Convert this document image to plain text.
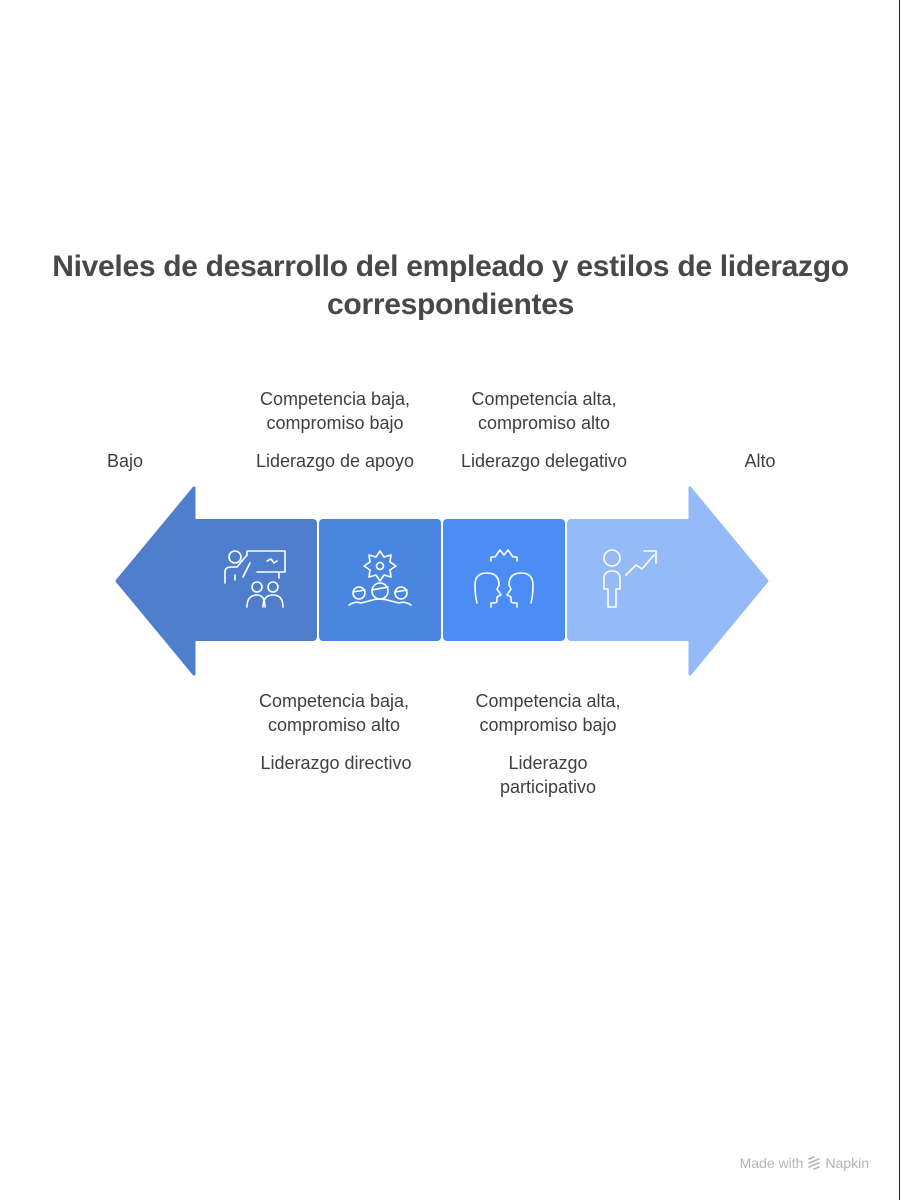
Niveles de desarrollo del empleado y estilos de liderazgo
correspondientes
Bajo	Alto
Competencia baja,
compromiso bajo
Liderazgo de apoyo
Competencia alta,
compromiso alto
Liderazgo delegativo
Competencia baja,
compromiso alto
Liderazgo directivo
Competencia alta,
compromiso bajo
Liderazgo
participativo
Made with Napkin
